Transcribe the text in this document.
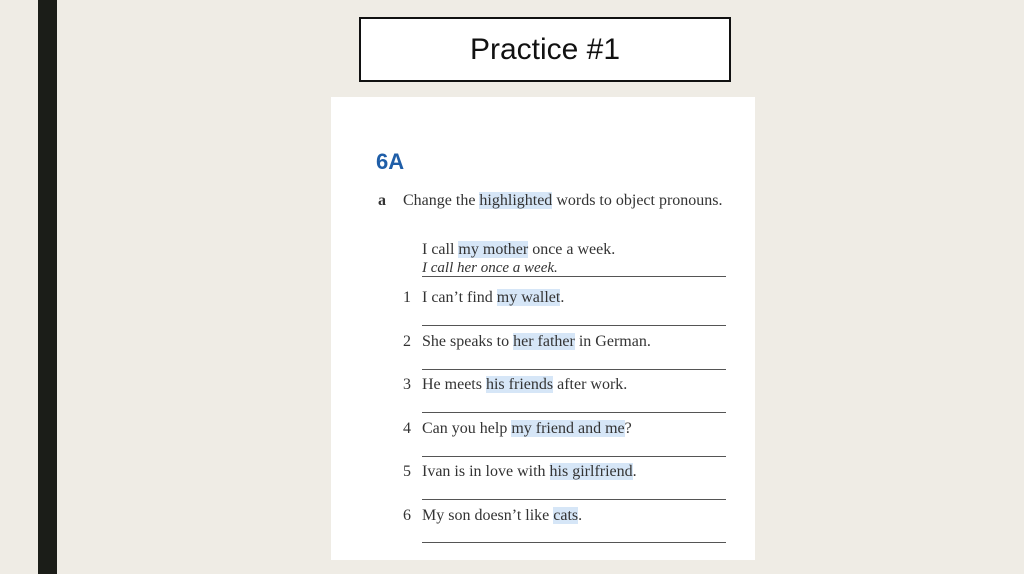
Practice #1
6A
a Change the highlighted words to object pronouns.
I call my mother once a week.
I call her once a week.
1 I can’t find my wallet.
2 She speaks to her father in German.
3 He meets his friends after work.
4 Can you help my friend and me?
5 Ivan is in love with his girlfriend.
6 My son doesn’t like cats.
